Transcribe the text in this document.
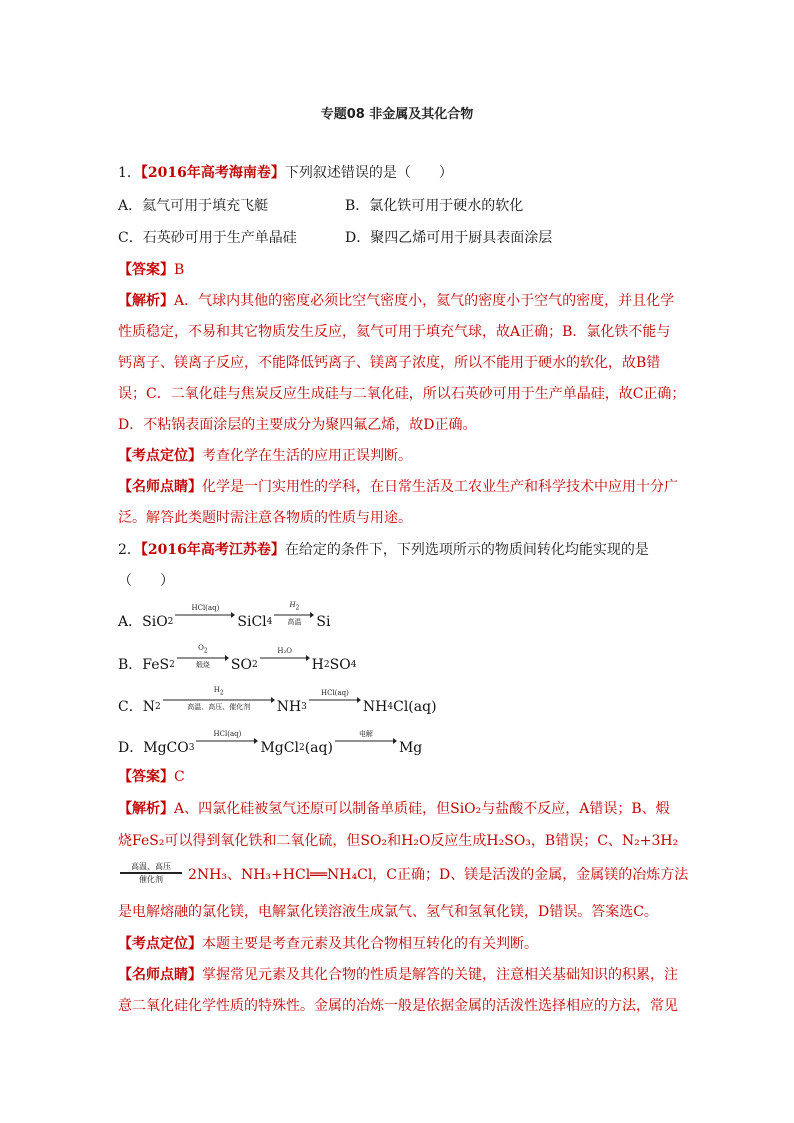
专题08 非金属及其化合物
1．【2016年高考海南卷】下列叙述错误的是（　　）
A．氦气可用于填充飞艇	B．氯化铁可用于硬水的软化
C．石英砂可用于生产单晶硅	D．聚四乙烯可用于厨具表面涂层
【答案】B
【解析】A．气球内其他的密度必须比空气密度小，氦气的密度小于空气的密度，并且化学
性质稳定，不易和其它物质发生反应，氦气可用于填充气球，故A正确；B．氯化铁不能与
钙离子、镁离子反应，不能降低钙离子、镁离子浓度，所以不能用于硬水的软化，故B错
误；C．二氧化硅与焦炭反应生成硅与二氧化硅，所以石英砂可用于生产单晶硅，故C正确；
D．不粘锅表面涂层的主要成分为聚四氟乙烯，故D正确。
【考点定位】考查化学在生活的应用正误判断。
【名师点睛】化学是一门实用性的学科，在日常生活及工农业生产和科学技术中应用十分广
泛。解答此类题时需注意各物质的性质与用途。
2．【2016年高考江苏卷】在给定的条件下，下列选项所示的物质间转化均能实现的是
（　　）
A． SiO 2
HCl(aq)

SiCl 4
$H_2$
高温 Si
B． FeS 2
$O_2$
煅烧 SO 2
H₂O

H 2 SO 4
C． N 2
$H_2$
高温、高压、催化剂 NH 3
HCl(aq)

NH 4 Cl(aq)
D． MgCO 3
HCl(aq)

MgCl 2 (aq)
电解

Mg
【答案】C
【解析】A、四氯化硅被氢气还原可以制备单质硅，但SiO₂与盐酸不反应，A错误；B、煅
烧FeS₂可以得到氧化铁和二氧化硫，但SO₂和H₂O反应生成H₂SO₃，B错误；C、N₂+3H₂
高温、高压
催化剂 2NH₃、NH₃+HCl══NH₄Cl，C正确；D、镁是活泼的金属，金属镁的冶炼方法
是电解熔融的氯化镁，电解氯化镁溶液生成氯气、氢气和氢氧化镁，D错误。答案选C。
【考点定位】本题主要是考查元素及其化合物相互转化的有关判断。
【名师点睛】掌握常见元素及其化合物的性质是解答的关键，注意相关基础知识的积累，注
意二氧化硅化学性质的特殊性。金属的冶炼一般是依据金属的活泼性选择相应的方法，常见
